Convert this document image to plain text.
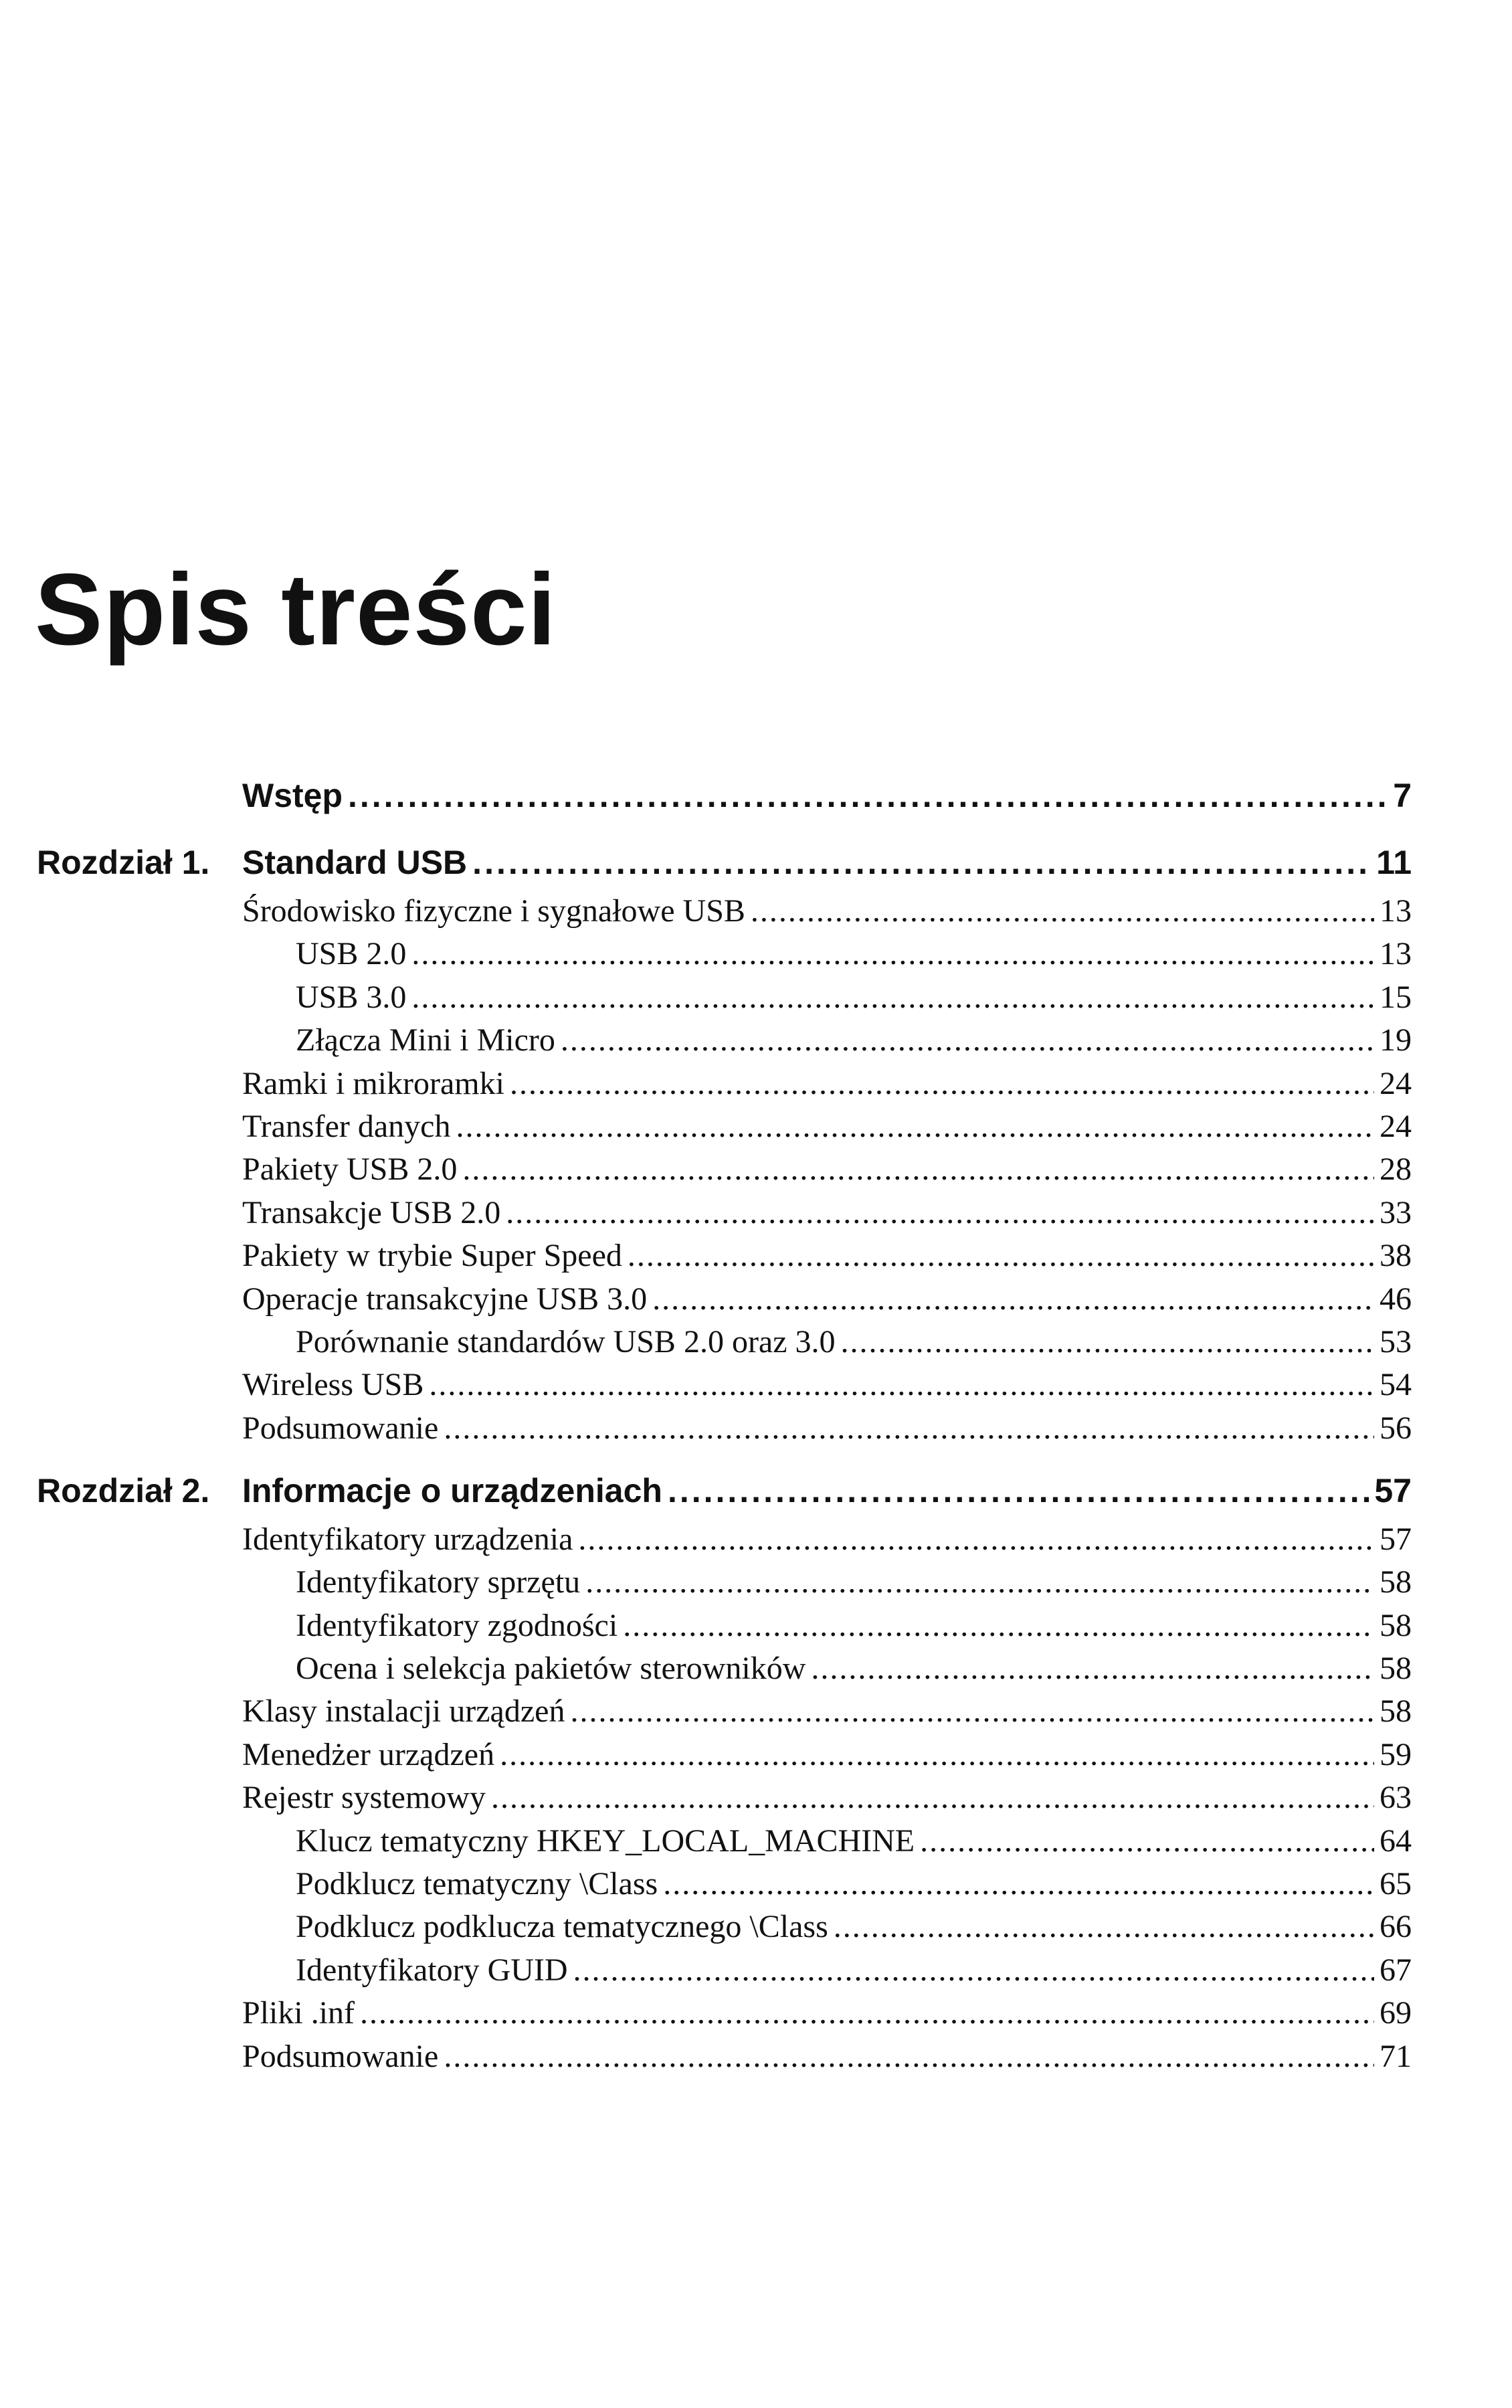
Spis treści
Wstęp .....	7
Rozdział 1. Standard USB .....	11
Środowisko fizyczne i sygnałowe USB .....	13
USB 2.0 .....	13
USB 3.0 .....	15
Złącza Mini i Micro .....	19
Ramki i mikroramki .....	24
Transfer danych .....	24
Pakiety USB 2.0 .....	28
Transakcje USB 2.0 .....	33
Pakiety w trybie Super Speed .....	38
Operacje transakcyjne USB 3.0 .....	46
Porównanie standardów USB 2.0 oraz 3.0 .....	53
Wireless USB .....	54
Podsumowanie .....	56
Rozdział 2. Informacje o urządzeniach .....	57
Identyfikatory urządzenia .....	57
Identyfikatory sprzętu .....	58
Identyfikatory zgodności .....	58
Ocena i selekcja pakietów sterowników .....	58
Klasy instalacji urządzeń .....	58
Menedżer urządzeń .....	59
Rejestr systemowy .....	63
Klucz tematyczny HKEY_LOCAL_MACHINE .....	64
Podklucz tematyczny \Class .....	65
Podklucz podklucza tematycznego \Class .....	66
Identyfikatory GUID .....	67
Pliki .inf .....	69
Podsumowanie .....	71
